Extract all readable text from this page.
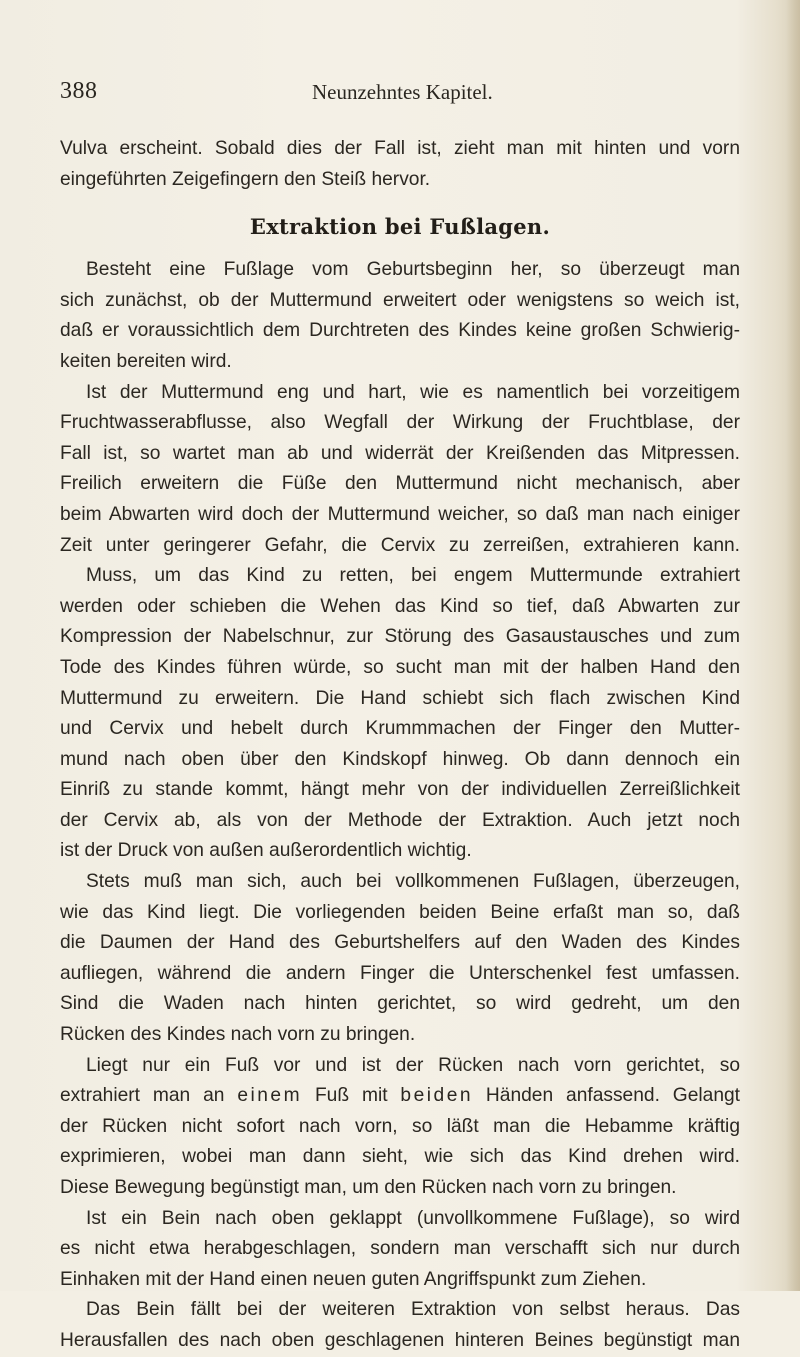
388	Neunzehntes Kapitel.
Vulva erscheint. Sobald dies der Fall ist, zieht man mit hinten und vorn
eingeführten Zeigefingern den Steiß hervor.
Extraktion bei Fußlagen.
Besteht eine Fußlage vom Geburtsbeginn her, so überzeugt man
sich zunächst, ob der Muttermund erweitert oder wenigstens so weich ist,
daß er voraussichtlich dem Durchtreten des Kindes keine großen Schwierig-
keiten bereiten wird.
Ist der Muttermund eng und hart, wie es namentlich bei vorzeitigem
Fruchtwasserabflusse, also Wegfall der Wirkung der Fruchtblase, der
Fall ist, so wartet man ab und widerrät der Kreißenden das Mitpressen.
Freilich erweitern die Füße den Muttermund nicht mechanisch, aber
beim Abwarten wird doch der Muttermund weicher, so daß man nach einiger
Zeit unter geringerer Gefahr, die Cervix zu zerreißen, extrahieren kann.
Muss, um das Kind zu retten, bei engem Muttermunde extrahiert
werden oder schieben die Wehen das Kind so tief, daß Abwarten zur
Kompression der Nabelschnur, zur Störung des Gasaustausches und zum
Tode des Kindes führen würde, so sucht man mit der halben Hand den
Muttermund zu erweitern. Die Hand schiebt sich flach zwischen Kind
und Cervix und hebelt durch Krummmachen der Finger den Mutter-
mund nach oben über den Kindskopf hinweg. Ob dann dennoch ein
Einriß zu stande kommt, hängt mehr von der individuellen Zerreißlichkeit
der Cervix ab, als von der Methode der Extraktion. Auch jetzt noch
ist der Druck von außen außerordentlich wichtig.
Stets muß man sich, auch bei vollkommenen Fußlagen, überzeugen,
wie das Kind liegt. Die vorliegenden beiden Beine erfaßt man so, daß
die Daumen der Hand des Geburtshelfers auf den Waden des Kindes
aufliegen, während die andern Finger die Unterschenkel fest umfassen.
Sind die Waden nach hinten gerichtet, so wird gedreht, um den
Rücken des Kindes nach vorn zu bringen.
Liegt nur ein Fuß vor und ist der Rücken nach vorn gerichtet, so
extrahiert man an einem Fuß mit beiden Händen anfassend. Gelangt
der Rücken nicht sofort nach vorn, so läßt man die Hebamme kräftig
exprimieren, wobei man dann sieht, wie sich das Kind drehen wird.
Diese Bewegung begünstigt man, um den Rücken nach vorn zu bringen.
Ist ein Bein nach oben geklappt (unvollkommene Fußlage), so wird
es nicht etwa herabgeschlagen, sondern man verschafft sich nur durch
Einhaken mit der Hand einen neuen guten Angriffspunkt zum Ziehen.
Das Bein fällt bei der weiteren Extraktion von selbst heraus. Das
Herausfallen des nach oben geschlagenen hinteren Beines begünstigt man
